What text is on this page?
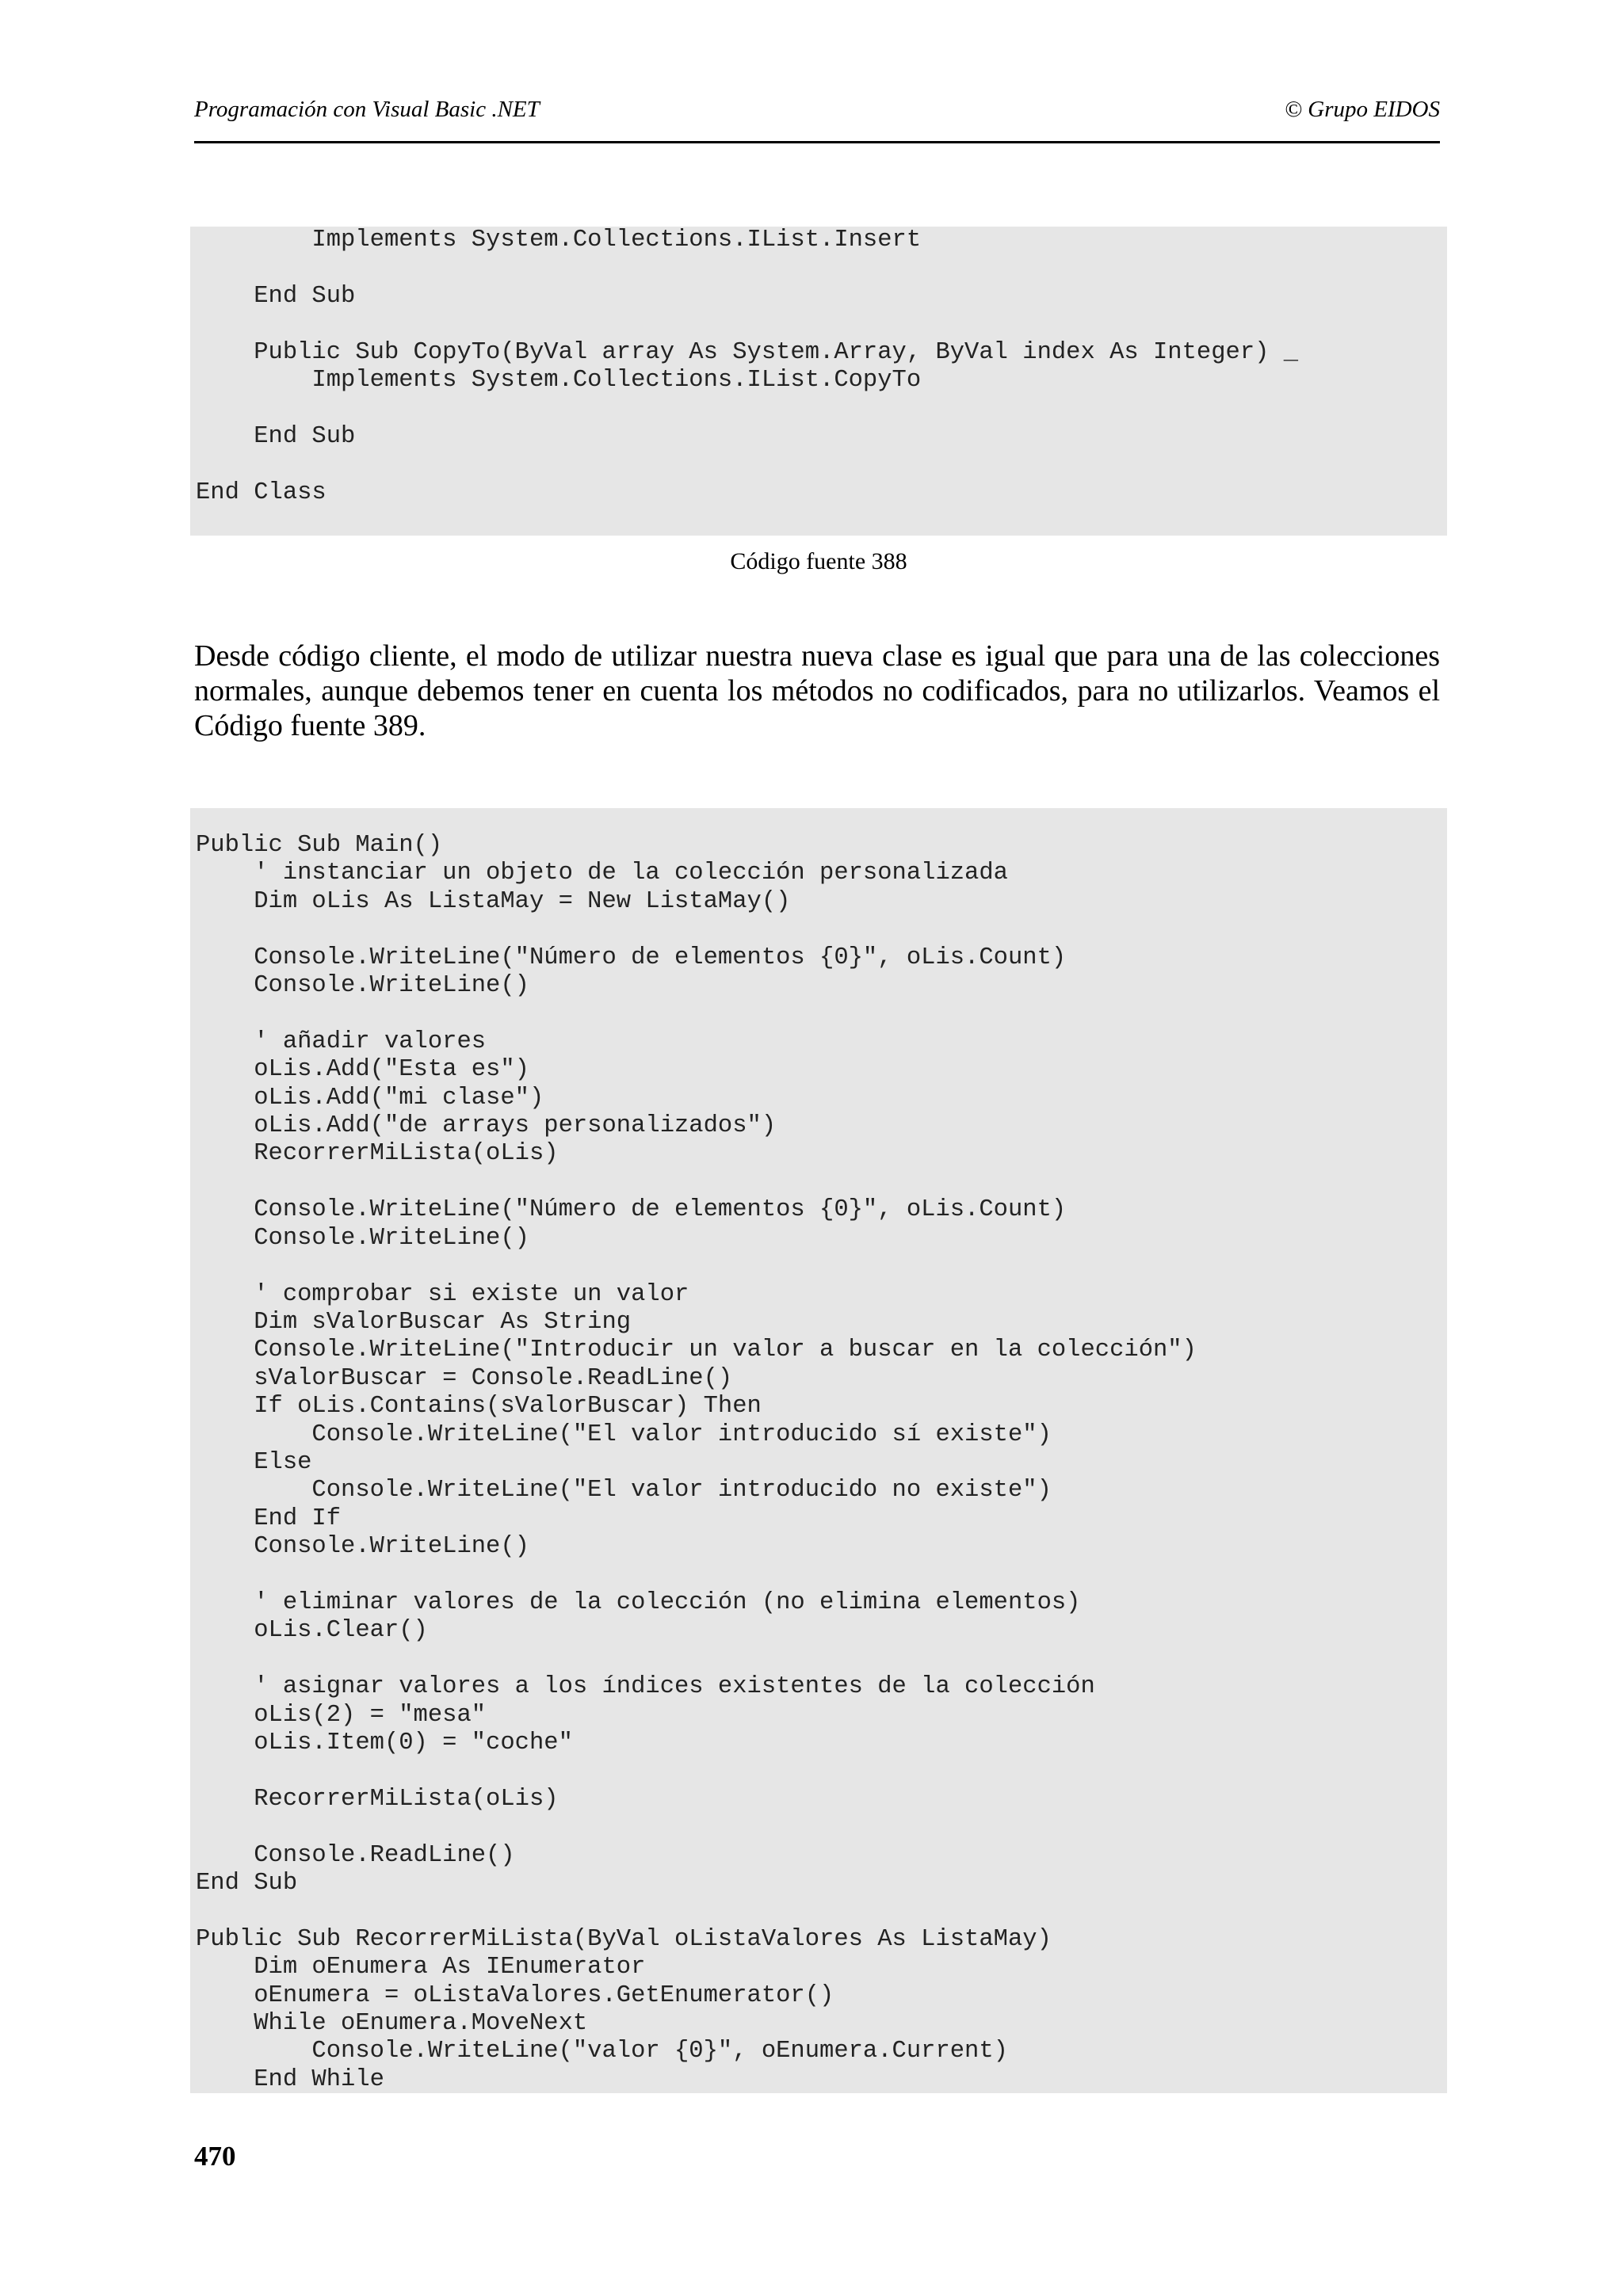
Programación con Visual Basic .NET	© Grupo EIDOS
Implements System.Collections.IList.Insert

End Sub

Public Sub CopyTo(ByVal array As System.Array, ByVal index As Integer) _
Implements System.Collections.IList.CopyTo

End Sub

End Class

Código fuente 388

Desde código cliente, el modo de utilizar nuestra nueva clase es igual que para una de las colecciones normales, aunque debemos tener en cuenta los métodos no codificados, para no utilizarlos. Veamos el Código fuente 389.

Public Sub Main()
' instanciar un objeto de la colección personalizada
Dim oLis As ListaMay = New ListaMay()

Console.WriteLine("Número de elementos {0}", oLis.Count)
Console.WriteLine()

' añadir valores
oLis.Add("Esta es")
oLis.Add("mi clase")
oLis.Add("de arrays personalizados")
RecorrerMiLista(oLis)

Console.WriteLine("Número de elementos {0}", oLis.Count)
Console.WriteLine()

' comprobar si existe un valor
Dim sValorBuscar As String
Console.WriteLine("Introducir un valor a buscar en la colección")
sValorBuscar = Console.ReadLine()
If oLis.Contains(sValorBuscar) Then
Console.WriteLine("El valor introducido sí existe")
Else
Console.WriteLine("El valor introducido no existe")
End If
Console.WriteLine()

' eliminar valores de la colección (no elimina elementos)
oLis.Clear()

' asignar valores a los índices existentes de la colección
oLis(2) = "mesa"
oLis.Item(0) = "coche"

RecorrerMiLista(oLis)

Console.ReadLine()
End Sub

Public Sub RecorrerMiLista(ByVal oListaValores As ListaMay)
Dim oEnumera As IEnumerator
oEnumera = oListaValores.GetEnumerator()
While oEnumera.MoveNext
Console.WriteLine("valor {0}", oEnumera.Current)
End While

470
